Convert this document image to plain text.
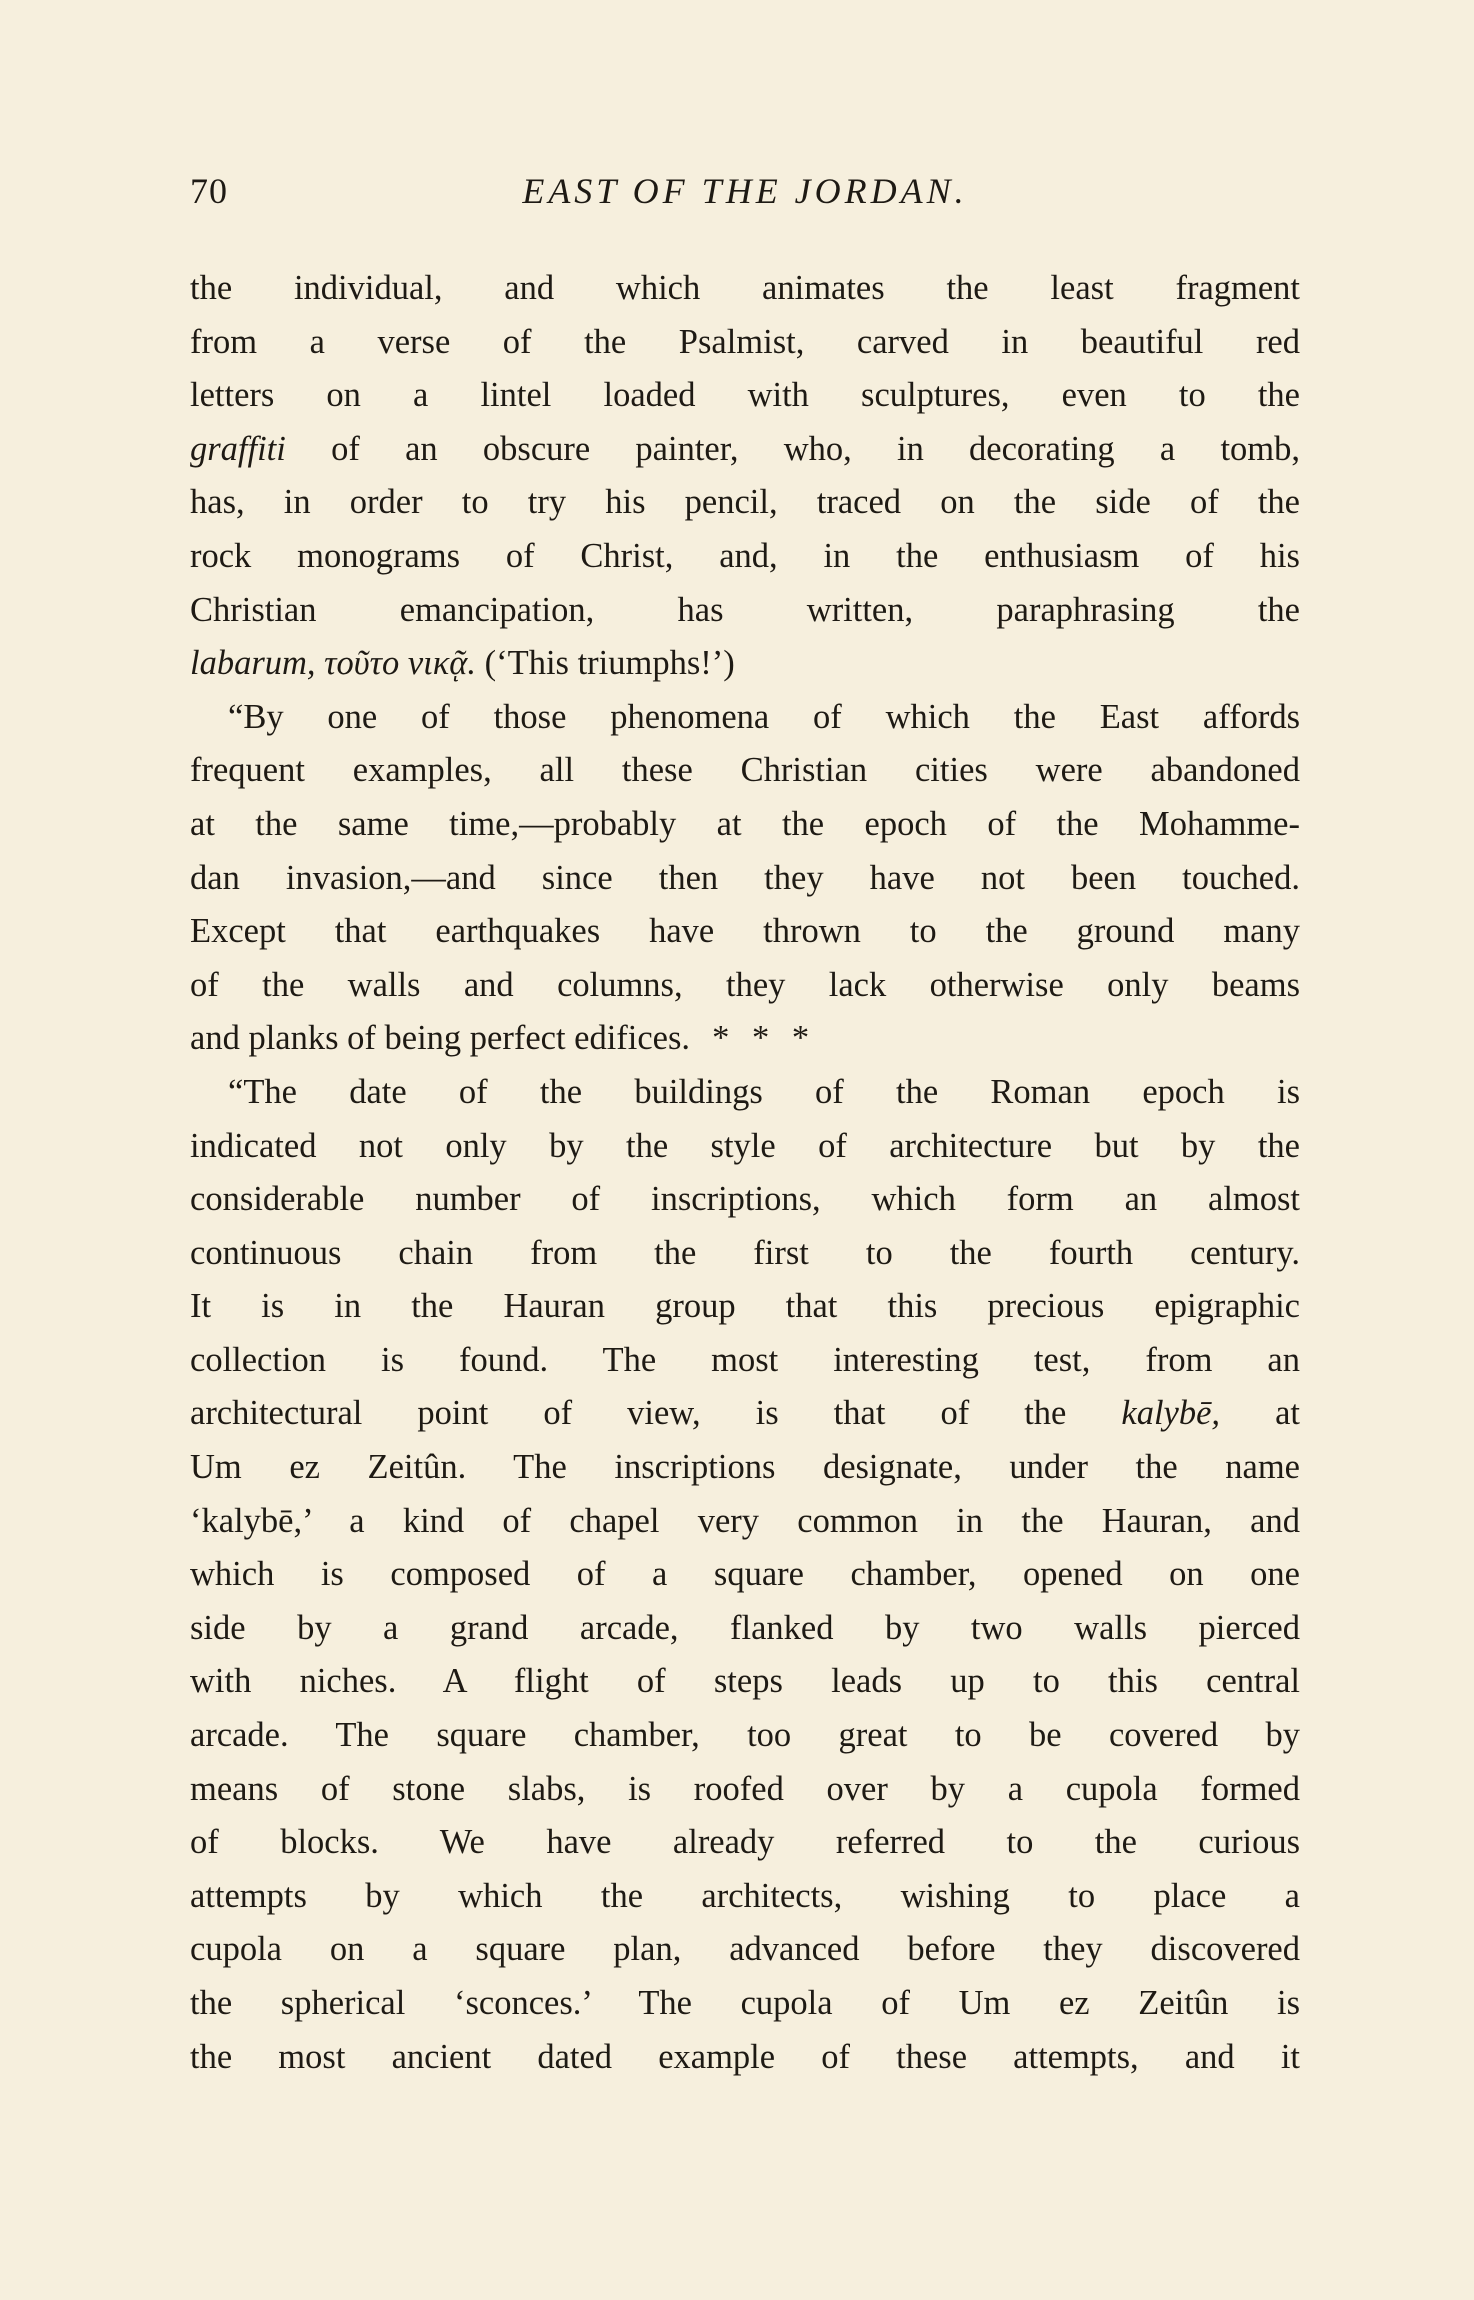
70	EAST OF THE JORDAN.
the individual, and which animates the least fragment
from a verse of the Psalmist, carved in beautiful red
letters on a lintel loaded with sculptures, even to the
graffiti of an obscure painter, who, in decorating a tomb,
has, in order to try his pencil, traced on the side of the
rock monograms of Christ, and, in the enthusiasm of his
Christian emancipation, has written, paraphrasing the
labarum, τοῦτο νικᾷ. (‘This triumphs!’)
“By one of those phenomena of which the East affords
frequent examples, all these Christian cities were abandoned
at the same time,—probably at the epoch of the Mohamme-
dan invasion,—and since then they have not been touched.
Except that earthquakes have thrown to the ground many
of the walls and columns, they lack otherwise only beams
and planks of being perfect edifices. * * *
“The date of the buildings of the Roman epoch is
indicated not only by the style of architecture but by the
considerable number of inscriptions, which form an almost
continuous chain from the first to the fourth century.
It is in the Hauran group that this precious epigraphic
collection is found. The most interesting test, from an
architectural point of view, is that of the kalybē, at
Um ez Zeitûn. The inscriptions designate, under the name
‘kalybē,’ a kind of chapel very common in the Hauran, and
which is composed of a square chamber, opened on one
side by a grand arcade, flanked by two walls pierced
with niches. A flight of steps leads up to this central
arcade. The square chamber, too great to be covered by
means of stone slabs, is roofed over by a cupola formed
of blocks. We have already referred to the curious
attempts by which the architects, wishing to place a
cupola on a square plan, advanced before they discovered
the spherical ‘sconces.’ The cupola of Um ez Zeitûn is
the most ancient dated example of these attempts, and it
